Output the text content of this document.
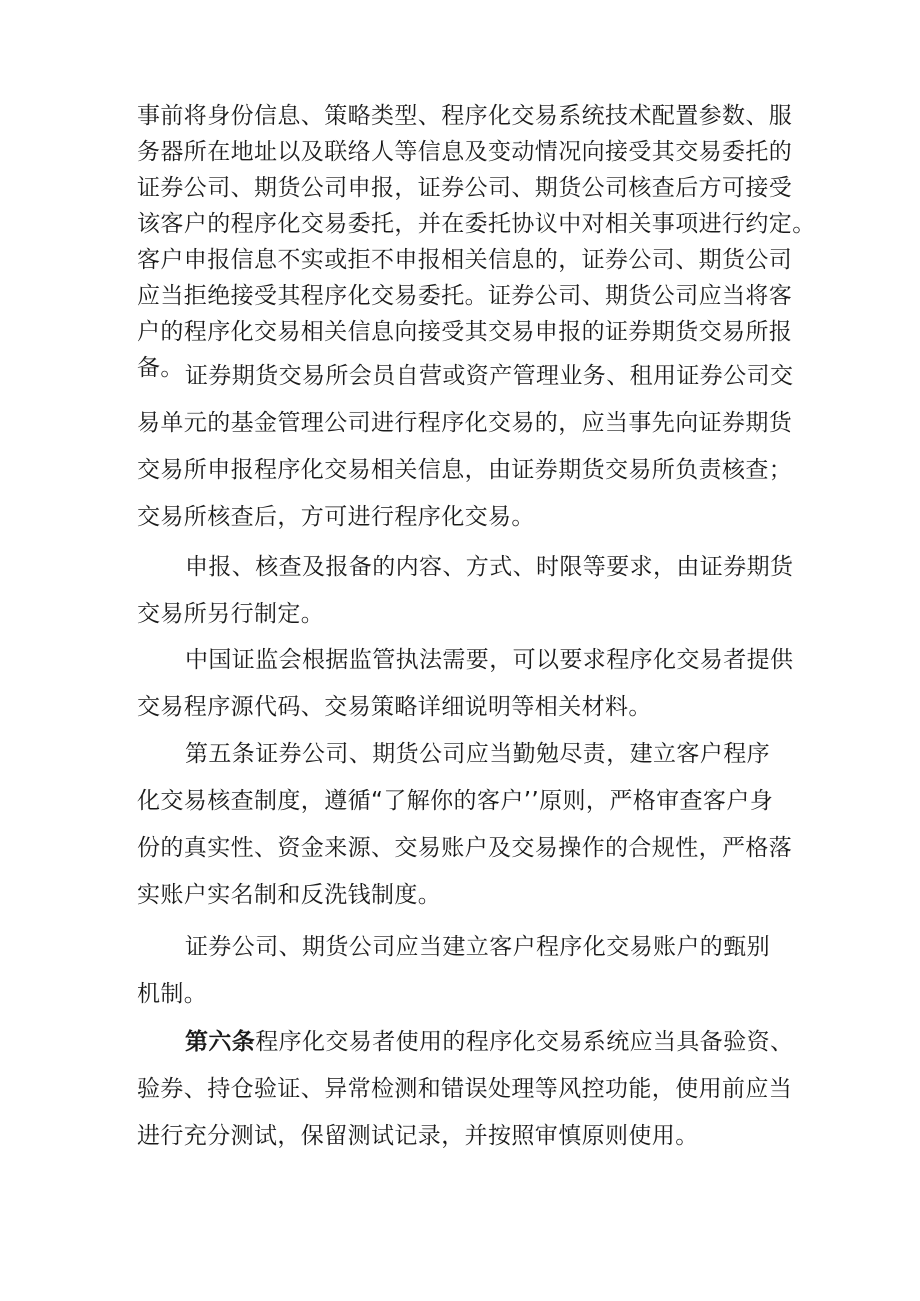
事前将身份信息、策略类型、程序化交易系统技术配置参数、服
务器所在地址以及联络人等信息及变动情况向接受其交易委托的
证券公司、期货公司申报，证券公司、期货公司核查后方可接受
该客户的程序化交易委托，并在委托协议中对相关事项进行约定。
客户申报信息不实或拒不申报相关信息的，证券公司、期货公司
应当拒绝接受其程序化交易委托。证券公司、期货公司应当将客
户的程序化交易相关信息向接受其交易申报的证券期货交易所报
备。 证券期货交易所会员自营或资产管理业务、租用证券公司交
易单元的基金管理公司进行程序化交易的，应当事先向证券期货
交易所申报程序化交易相关信息，由证券期货交易所负责核查；
交易所核查后，方可进行程序化交易。
申报、核查及报备的内容、方式、时限等要求，由证券期货
交易所另行制定。
中国证监会根据监管执法需要，可以要求程序化交易者提供
交易程序源代码、交易策略详细说明等相关材料。
第五条证券公司、期货公司应当勤勉尽责，建立客户程序
化交易核查制度，遵循“了解你的客户’’原则，严格审查客户身
份的真实性、资金来源、交易账户及交易操作的合规性，严格落
实账户实名制和反洗钱制度。
证券公司、期货公司应当建立客户程序化交易账户的甄别
机制。
第六条程序化交易者使用的程序化交易系统应当具备验资、
验券、持仓验证、异常检测和错误处理等风控功能，使用前应当
进行充分测试，保留测试记录，并按照审慎原则使用。
